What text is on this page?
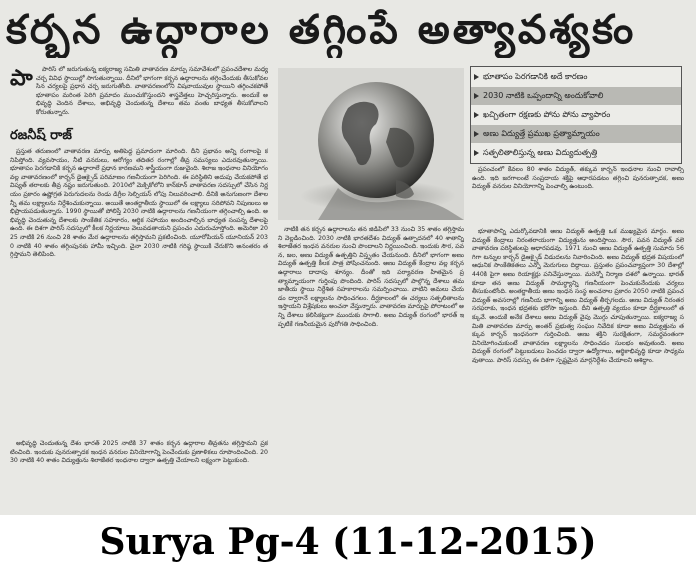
కర్బన ఉద్గారాల తగ్గింపే అత్యావశ్యకం
పా	పారిస్ లో జరుగుతున్న ఐక్యరాజ్య సమితి వాతావరణ మార్పు సమావేశంలో ప్రపంచదేశాల మధ్య చర్చ వివిధ స్థాయిల్లో సాగుతున్నాయి. దీనిలో భాగంగా కర్బన ఉద్గారాలను తగ్గించేందుకు తీసుకోవలసిన చర్యలపై ప్రధాన చర్చ జరుగుతోంది. వాతావరణంలోని విషవాయువుల స్థాయిని తగ్గించకపోతే భూతాపం మరింత పెరిగి ప్రమాదం ముంచుకొస్తుందని శాస్త్రవేత్తలు హెచ్చరిస్తున్నారు. అందుకే అభివృద్ధి చెందిన దేశాలు, అభివృద్ధి చెందుతున్న దేశాలు తమ వంతు బాధ్యత తీసుకోవాలని కోరుతున్నారు.

రజనీష్ రాజ్

ప్రస్తుత తరుణంలో వాతావరణ మార్పు అతిపెద్ద ప్రమాదంగా మారింది. దీని ప్రభావం అన్ని రంగాలపై కనిపిస్తోంది. వ్యవసాయం, నీటి వనరులు, ఆరోగ్యం తదితర రంగాల్లో తీవ్ర సమస్యలు ఎదురవుతున్నాయి. భూతాపం పెరగడానికి కర్బన ఉద్గారాలే ప్రధాన కారణమని శాస్త్రీయంగా రుజువైంది. శిలాజ ఇంధనాల వినియోగం వల్ల వాతావరణంలో కార్బన్ డైఆక్సైడ్ పరిమాణం గణనీయంగా పెరిగింది. ఈ పరిస్థితిని అదుపు చేయకపోతే భవిష్యత్ తరాలకు తీవ్ర నష్టం జరుగుతుంది. 2010లో మెక్సికోలోని కాన్‌కూన్ వాతావరణ సదస్సులో చేసిన నిర్ణయం ప్రకారం ఉష్ణోగ్రత పెరుగుదలను రెండు డిగ్రీల సెల్సియస్ లోపు నిలువరించాలి. దీనికి అనుగుణంగా దేశాలన్నీ తమ లక్ష్యాలను నిర్దేశించుకున్నాయి. అయితే అంతర్జాతీయ స్థాయిలో ఈ లక్ష్యాలు సరిపోవని నిపుణులు అభిప్రాయపడుతున్నారు. 1990 స్థాయితో పోలిస్తే 2030 నాటికి ఉద్గారాలను గణనీయంగా తగ్గించాల్సి ఉంది. అభివృద్ధి చెందుతున్న దేశాలకు సాంకేతిక సహకారం, ఆర్థిక సహాయం అందించాల్సిన బాధ్యత సంపన్న దేశాలపై ఉంది. ఈ దిశగా పారిస్ సదస్సులో కీలక నిర్ణయాలు వెలువడతాయని ప్రపంచం ఎదురుచూస్తోంది. అమెరికా 2025 నాటికి 26 నుంచి 28 శాతం మేర ఉద్గారాలను తగ్గిస్తామని ప్రకటించింది. యూరోపియన్ యూనియన్ 2030 నాటికి 40 శాతం తగ్గింపునకు హామీ ఇచ్చింది. చైనా 2030 నాటికి గరిష్ఠ స్థాయికి చేరుకొని అనంతరం తగ్గిస్తామని తెలిపింది.

అభివృద్ధి చెందుతున్న దేశం భారత్ 2025 నాటికి 37 శాతం కర్బన ఉద్గారాల తీవ్రతను తగ్గిస్తామని ప్రకటించింది. ఇందుకు పునరుత్పాదక ఇంధన వనరుల వినియోగాన్ని పెంచేందుకు ప్రణాళికలు రూపొందించింది. 2030 నాటికి 40 శాతం విద్యుత్తును శిలాజేతర ఇంధనాల ద్వారా ఉత్పత్తి చేయాలని లక్ష్యంగా పెట్టుకుంది.

భూతాపం పెరగడానికి అదే కారణం
2030 నాటికి ఒప్పందాన్ని అందుకోవాలి
ఖచ్చితంగా రక్షణకు పోను పోను వ్యాపారం
అణు విద్యుత్తే ప్రముఖ ప్రత్యామ్నాయం
సత్ఫలితాలిస్తున్న అణు విద్యుదుత్పత్తి

ప్రపంచంలో కేవలం 80 శాతం విద్యుత్, తక్కువ కార్బన్ ఇంధనాల నుంచి రావాల్సి ఉంది. ఇది జరగాలంటే సంప్రదాయ శక్తిపై ఆధారపడటం తగ్గించి పునరుత్పాదక, అణు విద్యుత్ వనరుల వినియోగాన్ని పెంచాల్సి ఉంటుంది.

నాటికి తన కర్బన ఉద్గారాలను తన జిడిపిలో 33 నుంచి 35 శాతం తగ్గిస్తామని వెల్లడించింది. 2030 నాటికి భారతదేశం విద్యుత్ ఉత్పాదనలో 40 శాతాన్ని శిలాజేతర ఇంధన వనరుల నుంచి పొందాలని నిర్ణయించింది. ఇందుకు సౌర, పవన, జల, అణు విద్యుత్ ఉత్పత్తిని విస్తృతం చేయనుంది. దీనిలో భాగంగా అణు విద్యుత్ ఉత్పత్తి కీలక పాత్ర పోషించనుంది. అణు విద్యుత్ కేంద్రాల వల్ల కర్బన ఉద్గారాలు దాదాపు శూన్యం. దీంతో ఇది పర్యావరణ హితమైన ప్రత్యామ్నాయంగా గుర్తింపు పొందింది. పారిస్ సదస్సులో పాల్గొన్న దేశాలు తమ జాతీయ స్థాయి నిర్దేశిత సహకారాలను సమర్పించాయి. వాటిని అమలు చేయడం ద్వారానే లక్ష్యాలను సాధించగలం. దీర్ఘకాలంలో ఈ చర్యలు సత్ఫలితాలను ఇస్తాయని విశ్లేషకులు అంచనా వేస్తున్నారు. వాతావరణ మార్పుపై పోరాటంలో అన్ని దేశాలు కలిసికట్టుగా ముందుకు సాగాలి. అణు విద్యుత్ రంగంలో భారత్ ఇప్పటికే గణనీయమైన పురోగతి సాధించింది.

భూతాపాన్ని ఎదుర్కోవడానికి అణు విద్యుత్ ఉత్పత్తి ఒక ముఖ్యమైన మార్గం. అణు విద్యుత్ కేంద్రాలు నిరంతరాయంగా విద్యుత్తును అందిస్తాయి. సౌర, పవన విద్యుత్ వలె వాతావరణ పరిస్థితులపై ఆధారపడవు. 1971 నుంచి అణు విద్యుత్ ఉత్పత్తి సుమారు 56 గిగా టన్నుల కార్బన్ డైఆక్సైడ్ విడుదలను నివారించింది. అణు విద్యుత్ భద్రత విషయంలో ఆధునిక సాంకేతికతలు ఎన్నో మెరుగులు దిద్దాయి. ప్రస్తుతం ప్రపంచవ్యాప్తంగా 30 దేశాల్లో 440కి పైగా అణు రియాక్టర్లు పనిచేస్తున్నాయి. మరెన్నో నిర్మాణ దశలో ఉన్నాయి. భారత్ కూడా తన అణు విద్యుత్ సామర్థ్యాన్ని గణనీయంగా పెంచుకునేందుకు చర్యలు తీసుకుంటోంది. అంతర్జాతీయ అణు ఇంధన సంస్థ అంచనాల ప్రకారం 2050 నాటికి ప్రపంచ విద్యుత్ అవసరాల్లో గణనీయ భాగాన్ని అణు విద్యుత్ తీర్చగలదు. అణు విద్యుత్ నిరంతర సరఫరాకు, ఇంధన భద్రతకు భరోసా ఇస్తుంది. దీని ఉత్పత్తి వ్యయం కూడా దీర్ఘకాలంలో తక్కువే. అందుకే అనేక దేశాలు అణు విద్యుత్ వైపు మొగ్గు చూపుతున్నాయి. ఐక్యరాజ్య సమితి వాతావరణ మార్పు అంతర్ ప్రభుత్వ సంఘం నివేదిక కూడా అణు విద్యుత్తును తక్కువ కార్బన్ ఇంధనంగా గుర్తించింది. అణు శక్తిని సురక్షితంగా, సమర్థవంతంగా వినియోగించుకుంటే వాతావరణ లక్ష్యాలను సాధించడం సులభం అవుతుంది. అణు విద్యుత్ రంగంలో పెట్టుబడులు పెంచడం ద్వారా ఉద్యోగాలు, ఆర్థికాభివృద్ధి కూడా సాధ్యమవుతాయి. పారిస్ సదస్సు ఈ దిశగా స్పష్టమైన మార్గనిర్దేశం చేయాలని ఆశిద్దాం.

Surya Pg-4 (11-12-2015)
